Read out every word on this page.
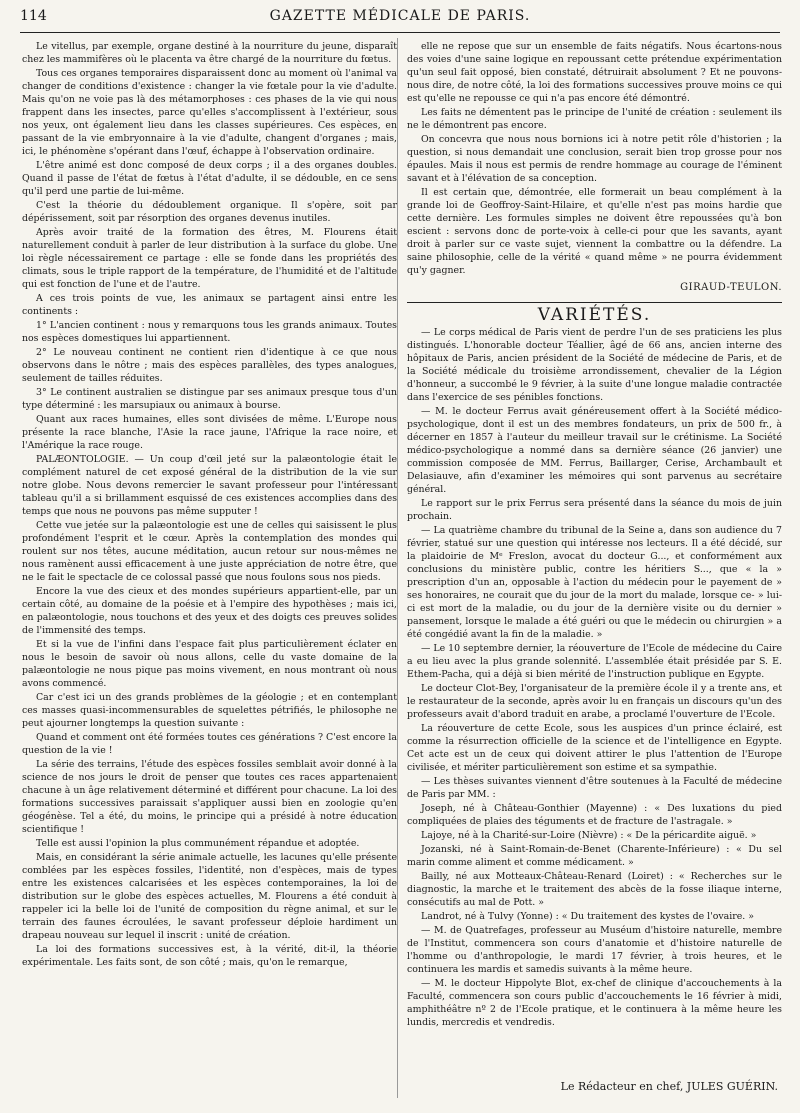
114	GAZETTE MÉDICALE DE PARIS.

Le vitellus, par exemple, organe destiné à la nourriture du jeune, disparaît chez les mammifères où le placenta va être chargé de la nourriture du fœtus.

Tous ces organes temporaires disparaissent donc au moment où l'animal va changer de conditions d'existence : changer la vie fœtale pour la vie d'adulte. Mais qu'on ne voie pas là des métamorphoses : ces phases de la vie qui nous frappent dans les insectes, parce qu'elles s'accomplissent à l'extérieur, sous nos yeux, ont également lieu dans les classes supérieures. Ces espèces, en passant de la vie embryonnaire à la vie d'adulte, changent d'organes ; mais, ici, le phénomène s'opérant dans l'œuf, échappe à l'observation ordinaire.

L'être animé est donc composé de deux corps ; il a des organes doubles. Quand il passe de l'état de fœtus à l'état d'adulte, il se dédouble, en ce sens qu'il perd une partie de lui-même.

C'est la théorie du dédoublement organique. Il s'opère, soit par dépérissement, soit par résorption des organes devenus inutiles.

Après avoir traité de la formation des êtres, M. Flourens était naturellement conduit à parler de leur distribution à la surface du globe. Une loi règle nécessairement ce partage : elle se fonde dans les propriétés des climats, sous le triple rapport de la température, de l'humidité et de l'altitude qui est fonction de l'une et de l'autre.

A ces trois points de vue, les animaux se partagent ainsi entre les continents :

1° L'ancien continent : nous y remarquons tous les grands animaux. Toutes nos espèces domestiques lui appartiennent.

2° Le nouveau continent ne contient rien d'identique à ce que nous observons dans le nôtre ; mais des espèces parallèles, des types analogues, seulement de tailles réduites.

3° Le continent australien se distingue par ses animaux presque tous d'un type déterminé : les marsupiaux ou animaux à bourse.

Quant aux races humaines, elles sont divisées de même. L'Europe nous présente la race blanche, l'Asie la race jaune, l'Afrique la race noire, et l'Amérique la race rouge.

PALÆONTOLOGIE. — Un coup d'œil jeté sur la palæontologie était le complément naturel de cet exposé général de la distribution de la vie sur notre globe. Nous devons remercier le savant professeur pour l'intéressant tableau qu'il a si brillamment esquissé de ces existences accomplies dans des temps que nous ne pouvons pas même supputer !

Cette vue jetée sur la palæontologie est une de celles qui saisissent le plus profondément l'esprit et le cœur. Après la contemplation des mondes qui roulent sur nos têtes, aucune méditation, aucun retour sur nous-mêmes ne nous ramènent aussi efficacement à une juste appréciation de notre être, que ne le fait le spectacle de ce colossal passé que nous foulons sous nos pieds.

Encore la vue des cieux et des mondes supérieurs appartient-elle, par un certain côté, au domaine de la poésie et à l'empire des hypothèses ; mais ici, en palæontologie, nous touchons et des yeux et des doigts ces preuves solides de l'immensité des temps.

Et si la vue de l'infini dans l'espace fait plus particulièrement éclater en nous le besoin de savoir où nous allons, celle du vaste domaine de la palæontologie ne nous pique pas moins vivement, en nous montrant où nous avons commencé.

Car c'est ici un des grands problèmes de la géologie ; et en contemplant ces masses quasi-incommensurables de squelettes pétrifiés, le philosophe ne peut ajourner longtemps la question suivante :

Quand et comment ont été formées toutes ces générations ? C'est encore la question de la vie !

La série des terrains, l'étude des espèces fossiles semblait avoir donné à la science de nos jours le droit de penser que toutes ces races appartenaient chacune à un âge relativement déterminé et différent pour chacune. La loi des formations successives paraissait s'appliquer aussi bien en zoologie qu'en géogénèse. Tel a été, du moins, le principe qui a présidé à notre éducation scientifique !

Telle est aussi l'opinion la plus communément répandue et adoptée.

Mais, en considérant la série animale actuelle, les lacunes qu'elle présente comblées par les espèces fossiles, l'identité, non d'espèces, mais de types entre les existences calcarisées et les espèces contemporaines, la loi de distribution sur le globe des espèces actuelles, M. Flourens a été conduit à rappeler ici la belle loi de l'unité de composition du règne animal, et sur le terrain des faunes écroulées, le savant professeur déploie hardiment un drapeau nouveau sur lequel il inscrit : unité de création.

La loi des formations successives est, à la vérité, dit-il, la théorie expérimentale. Les faits sont, de son côté ; mais, qu'on le remarque,

elle ne repose que sur un ensemble de faits négatifs. Nous écartons-nous des voies d'une saine logique en repoussant cette prétendue expérimentation qu'un seul fait opposé, bien constaté, détruirait absolument ? Et ne pouvons-nous dire, de notre côté, la loi des formations successives prouve moins ce qui est qu'elle ne repousse ce qui n'a pas encore été démontré.

Les faits ne démentent pas le principe de l'unité de création : seulement ils ne le démontrent pas encore.

On concevra que nous nous bornions ici à notre petit rôle d'historien ; la question, si nous demandait une conclusion, serait bien trop grosse pour nos épaules. Mais il nous est permis de rendre hommage au courage de l'éminent savant et à l'élévation de sa conception.

Il est certain que, démontrée, elle formerait un beau complément à la grande loi de Geoffroy-Saint-Hilaire, et qu'elle n'est pas moins hardie que cette dernière. Les formules simples ne doivent être repoussées qu'à bon escient : servons donc de porte-voix à celle-ci pour que les savants, ayant droit à parler sur ce vaste sujet, viennent la combattre ou la défendre. La saine philosophie, celle de la vérité « quand même » ne pourra évidemment qu'y gagner.

GIRAUD-TEULON.
VARIÉTÉS.

— Le corps médical de Paris vient de perdre l'un de ses praticiens les plus distingués. L'honorable docteur Téallier, âgé de 66 ans, ancien interne des hôpitaux de Paris, ancien président de la Société de médecine de Paris, et de la Société médicale du troisième arrondissement, chevalier de la Légion d'honneur, a succombé le 9 février, à la suite d'une longue maladie contractée dans l'exercice de ses pénibles fonctions.

— M. le docteur Ferrus avait généreusement offert à la Société médico-psychologique, dont il est un des membres fondateurs, un prix de 500 fr., à décerner en 1857 à l'auteur du meilleur travail sur le crétinisme. La Société médico-psychologique a nommé dans sa dernière séance (26 janvier) une commission composée de MM. Ferrus, Baillarger, Cerise, Archambault et Delasiauve, afin d'examiner les mémoires qui sont parvenus au secrétaire général.

Le rapport sur le prix Ferrus sera présenté dans la séance du mois de juin prochain.

— La quatrième chambre du tribunal de la Seine a, dans son audience du 7 février, statué sur une question qui intéresse nos lecteurs. Il a été décidé, sur la plaidoirie de Mᵉ Freslon, avocat du docteur G..., et conformément aux conclusions du ministère public, contre les héritiers S..., que « la » prescription d'un an, opposable à l'action du médecin pour le payement de » ses honoraires, ne courait que du jour de la mort du malade, lorsque ce- » lui-ci est mort de la maladie, ou du jour de la dernière visite ou du dernier » pansement, lorsque le malade a été guéri ou que le médecin ou chirurgien » a été congédié avant la fin de la maladie. »

— Le 10 septembre dernier, la réouverture de l'Ecole de médecine du Caire a eu lieu avec la plus grande solennité. L'assemblée était présidée par S. E. Ethem-Pacha, qui a déjà si bien mérité de l'instruction publique en Egypte.

Le docteur Clot-Bey, l'organisateur de la première école il y a trente ans, et le restaurateur de la seconde, après avoir lu en français un discours qu'un des professeurs avait d'abord traduit en arabe, a proclamé l'ouverture de l'Ecole.

La réouverture de cette Ecole, sous les auspices d'un prince éclairé, est comme la résurrection officielle de la science et de l'intelligence en Egypte. Cet acte est un de ceux qui doivent attirer le plus l'attention de l'Europe civilisée, et mériter particulièrement son estime et sa sympathie.

— Les thèses suivantes viennent d'être soutenues à la Faculté de médecine de Paris par MM. :

Joseph, né à Château-Gonthier (Mayenne) : « Des luxations du pied compliquées de plaies des téguments et de fracture de l'astragale. »

Lajoye, né à la Charité-sur-Loire (Nièvre) : « De la péricardite aiguë. »

Jozanski, né à Saint-Romain-de-Benet (Charente-Inférieure) : « Du sel marin comme aliment et comme médicament. »

Bailly, né aux Motteaux-Château-Renard (Loiret) : « Recherches sur le diagnostic, la marche et le traitement des abcès de la fosse iliaque interne, consécutifs au mal de Pott. »

Landrot, né à Tulvy (Yonne) : « Du traitement des kystes de l'ovaire. »

— M. de Quatrefages, professeur au Muséum d'histoire naturelle, membre de l'Institut, commencera son cours d'anatomie et d'histoire naturelle de l'homme ou d'anthropologie, le mardi 17 février, à trois heures, et le continuera les mardis et samedis suivants à la même heure.

— M. le docteur Hippolyte Blot, ex-chef de clinique d'accouchements à la Faculté, commencera son cours public d'accouchements le 16 février à midi, amphithéâtre nº 2 de l'Ecole pratique, et le continuera à la même heure les lundis, mercredis et vendredis.

Le Rédacteur en chef, JULES GUÉRIN.
